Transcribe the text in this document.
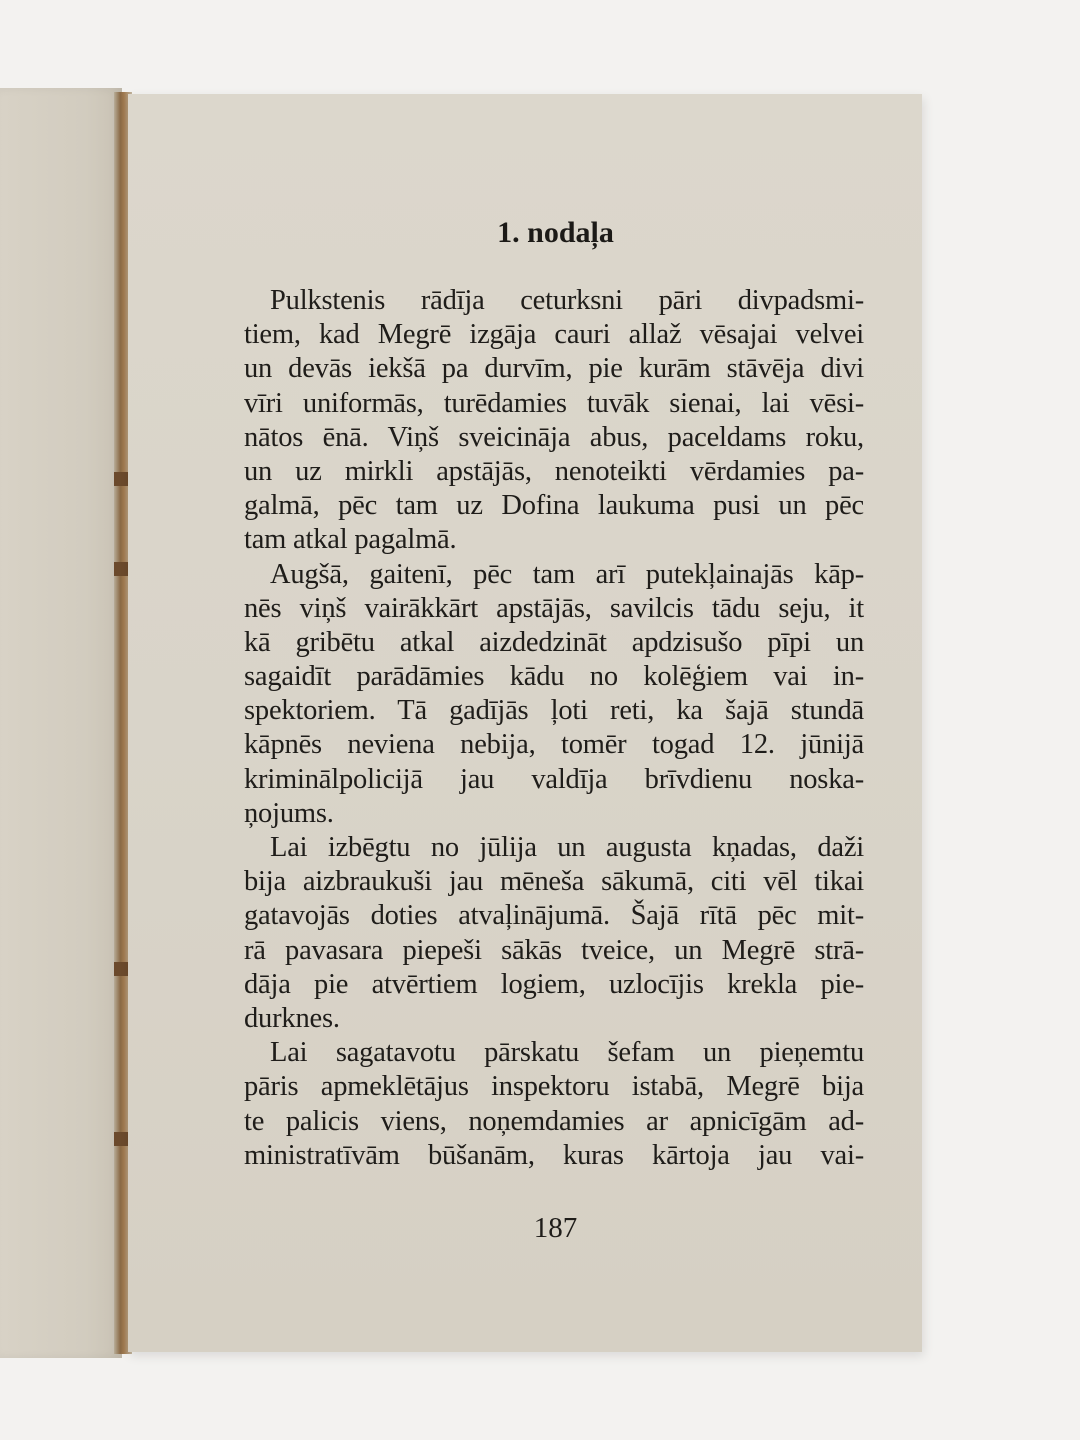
1. nodaļa
Pulkstenis rādīja ceturksni pāri divpadsmi-
tiem, kad Megrē izgāja cauri allaž vēsajai velvei
un devās iekšā pa durvīm, pie kurām stāvēja divi
vīri uniformās, turēdamies tuvāk sienai, lai vēsi-
nātos ēnā. Viņš sveicināja abus, paceldams roku,
un uz mirkli apstājās, nenoteikti vērdamies pa-
galmā, pēc tam uz Dofina laukuma pusi un pēc
tam atkal pagalmā.
Augšā, gaitenī, pēc tam arī putekļainajās kāp-
nēs viņš vairākkārt apstājās, savilcis tādu seju, it
kā gribētu atkal aizdedzināt apdzisušo pīpi un
sagaidīt parādāmies kādu no kolēģiem vai in-
spektoriem. Tā gadījās ļoti reti, ka šajā stundā
kāpnēs neviena nebija, tomēr togad 12. jūnijā
kriminālpolicijā jau valdīja brīvdienu noska-
ņojums.
Lai izbēgtu no jūlija un augusta kņadas, daži
bija aizbraukuši jau mēneša sākumā, citi vēl tikai
gatavojās doties atvaļinājumā. Šajā rītā pēc mit-
rā pavasara piepeši sākās tveice, un Megrē strā-
dāja pie atvērtiem logiem, uzlocījis krekla pie-
durknes.
Lai sagatavotu pārskatu šefam un pieņemtu
pāris apmeklētājus inspektoru istabā, Megrē bija
te palicis viens, noņemdamies ar apnicīgām ad-
ministratīvām būšanām, kuras kārtoja jau vai-
187
